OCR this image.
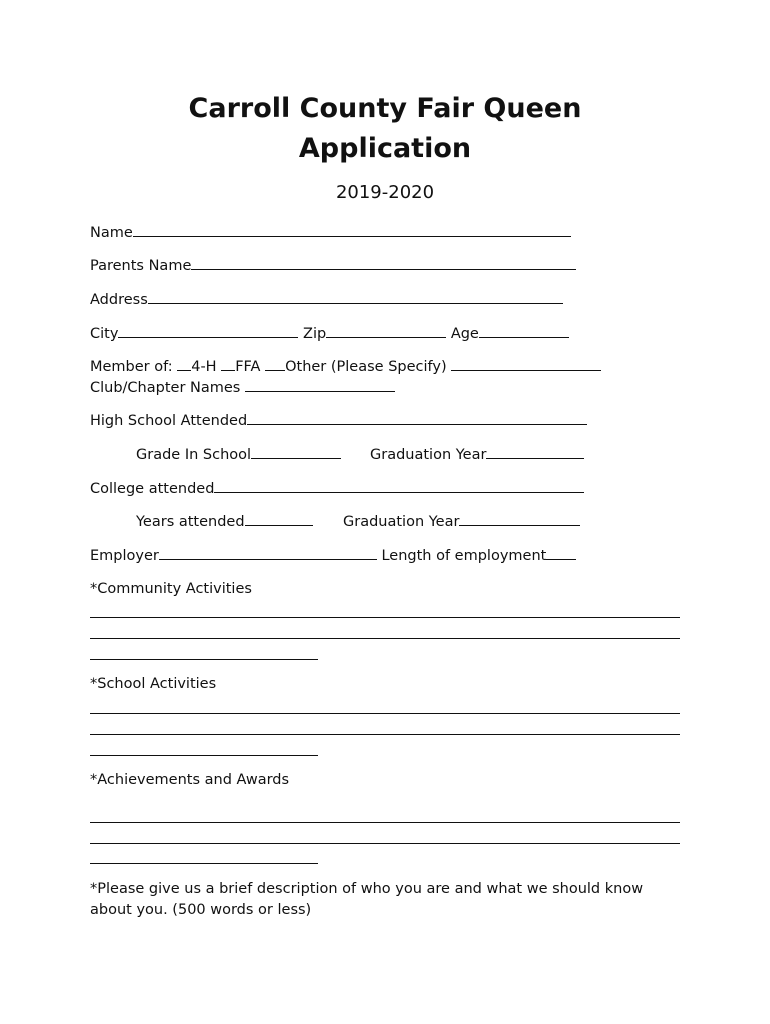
Carroll County Fair Queen
Application
2019-2020
Name
Parents Name
Address
City	Zip	Age
Member of: 4-H FFA Other (Please Specify)
Club/Chapter Names
High School Attended
Grade In School	Graduation Year
College attended
Years attended	Graduation Year
Employer	Length of employment
*Community Activities
*School Activities
*Achievements and Awards
*Please give us a brief description of who you are and what we should know
about you. (500 words or less)
